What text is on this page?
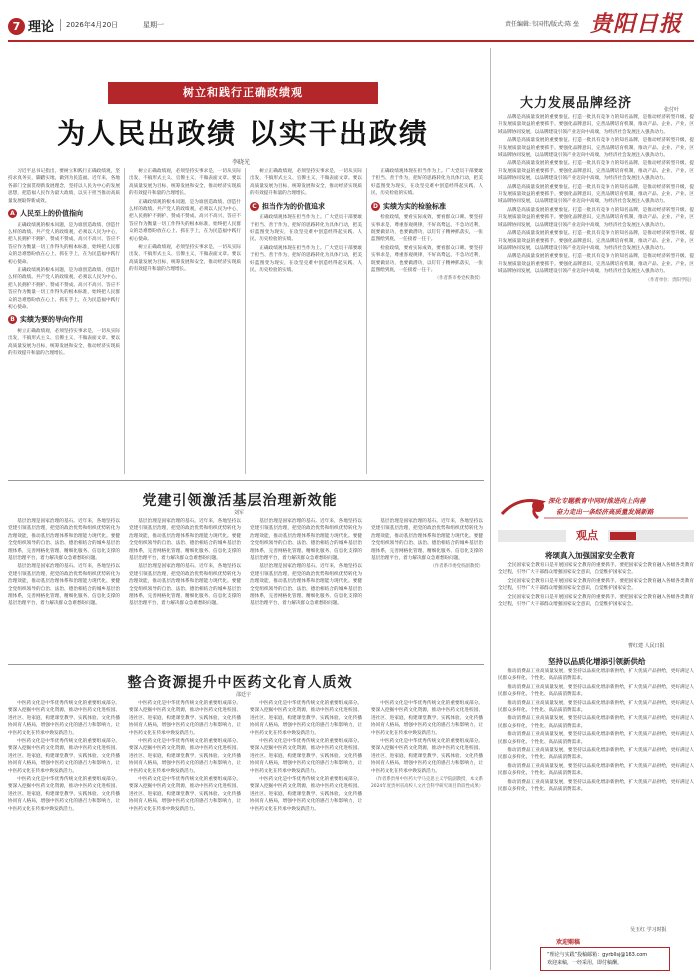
7 理论 2026年4月20日	星期一	责任编辑:韦国伟/版式:陈 垒 贵阳日报
树立和践行正确政绩观
为人民出政绩 以实干出政绩
李晓光

习近平总书记指出，要树立和践行正确政绩观，坚持求真务实，脚踏实地，做到为民造福。近年来，各地各部门全面贯彻新发展理念，坚持以人民为中心的发展思想，把造福人民作为最大政绩，以实干担当推动高质量发展取得新成效。

A 人民至上的价值指向

正确政绩观的根本问题，是为谁创造政绩、创造什么样的政绩。共产党人的政绩观，必须以人民为中心，把人民拥护不拥护、赞成不赞成、高兴不高兴、答应不答应作为衡量一切工作得失的根本标准，始终把人民群众的急难愁盼放在心上、抓在手上，在为民造福中践行初心使命。

正确政绩观的根本问题，是为谁创造政绩、创造什么样的政绩。共产党人的政绩观，必须以人民为中心，把人民拥护不拥护、赞成不赞成、高兴不高兴、答应不答应作为衡量一切工作得失的根本标准，始终把人民群众的急难愁盼放在心上、抓在手上，在为民造福中践行初心使命。

B 实绩为要的导向作用

树立正确政绩观，必须坚持实事求是，一切从实际出发，不搞形式主义、官僚主义，不做表面文章。要以高质量发展为目标，统筹发展和安全，推动经济实现质的有效提升和量的合理增长。

树立正确政绩观，必须坚持实事求是，一切从实际出发，不搞形式主义、官僚主义，不做表面文章。要以高质量发展为目标，统筹发展和安全，推动经济实现质的有效提升和量的合理增长。

正确政绩观的根本问题，是为谁创造政绩、创造什么样的政绩。共产党人的政绩观，必须以人民为中心，把人民拥护不拥护、赞成不赞成、高兴不高兴、答应不答应作为衡量一切工作得失的根本标准，始终把人民群众的急难愁盼放在心上、抓在手上，在为民造福中践行初心使命。

树立正确政绩观，必须坚持实事求是，一切从实际出发，不搞形式主义、官僚主义，不做表面文章。要以高质量发展为目标，统筹发展和安全，推动经济实现质的有效提升和量的合理增长。

树立正确政绩观，必须坚持实事求是，一切从实际出发，不搞形式主义、官僚主义，不做表面文章。要以高质量发展为目标，统筹发展和安全，推动经济实现质的有效提升和量的合理增长。

C 担当作为的价值追求

正确政绩观体现在担当作为上。广大党员干部要敢于担当、善于作为，把好的思路转化为具体行动，把美好蓝图变为现实，在攻坚克难中创造经得起实践、人民、历史检验的实绩。

正确政绩观体现在担当作为上。广大党员干部要敢于担当、善于作为，把好的思路转化为具体行动，把美好蓝图变为现实，在攻坚克难中创造经得起实践、人民、历史检验的实绩。

正确政绩观体现在担当作为上。广大党员干部要敢于担当、善于作为，把好的思路转化为具体行动，把美好蓝图变为现实，在攻坚克难中创造经得起实践、人民、历史检验的实绩。

D 实绩为实的检验标准

检验政绩，要看实际成效，要看群众口碑。要坚持实事求是，尊重客观规律，不好高骛远，不急功近利，既要做显功，也要做潜功，以钉钉子精神抓落实，一张蓝图绘到底，一任接着一任干。

检验政绩，要看实际成效，要看群众口碑。要坚持实事求是，尊重客观规律，不好高骛远，不急功近利，既要做显功，也要做潜功，以钉钉子精神抓落实，一张蓝图绘到底，一任接着一任干。

（作者系市委党校教授）
党建引领激活基层治理新效能
刘军

基层治理是国家治理的基石。近年来，各地坚持以党建引领基层治理，把党的政治优势和组织优势转化为治理效能，推动基层治理体系和治理能力现代化。要健全党组织领导的自治、法治、德治相结合的城乡基层治理体系，完善网格化管理、精细化服务、信息化支撑的基层治理平台，着力解决群众急难愁盼问题。

基层治理是国家治理的基石。近年来，各地坚持以党建引领基层治理，把党的政治优势和组织优势转化为治理效能，推动基层治理体系和治理能力现代化。要健全党组织领导的自治、法治、德治相结合的城乡基层治理体系，完善网格化管理、精细化服务、信息化支撑的基层治理平台，着力解决群众急难愁盼问题。

基层治理是国家治理的基石。近年来，各地坚持以党建引领基层治理，把党的政治优势和组织优势转化为治理效能，推动基层治理体系和治理能力现代化。要健全党组织领导的自治、法治、德治相结合的城乡基层治理体系，完善网格化管理、精细化服务、信息化支撑的基层治理平台，着力解决群众急难愁盼问题。

基层治理是国家治理的基石。近年来，各地坚持以党建引领基层治理，把党的政治优势和组织优势转化为治理效能，推动基层治理体系和治理能力现代化。要健全党组织领导的自治、法治、德治相结合的城乡基层治理体系，完善网格化管理、精细化服务、信息化支撑的基层治理平台，着力解决群众急难愁盼问题。

基层治理是国家治理的基石。近年来，各地坚持以党建引领基层治理，把党的政治优势和组织优势转化为治理效能，推动基层治理体系和治理能力现代化。要健全党组织领导的自治、法治、德治相结合的城乡基层治理体系，完善网格化管理、精细化服务、信息化支撑的基层治理平台，着力解决群众急难愁盼问题。

基层治理是国家治理的基石。近年来，各地坚持以党建引领基层治理，把党的政治优势和组织优势转化为治理效能，推动基层治理体系和治理能力现代化。要健全党组织领导的自治、法治、德治相结合的城乡基层治理体系，完善网格化管理、精细化服务、信息化支撑的基层治理平台，着力解决群众急难愁盼问题。

基层治理是国家治理的基石。近年来，各地坚持以党建引领基层治理，把党的政治优势和组织优势转化为治理效能，推动基层治理体系和治理能力现代化。要健全党组织领导的自治、法治、德治相结合的城乡基层治理体系，完善网格化管理、精细化服务、信息化支撑的基层治理平台，着力解决群众急难愁盼问题。

（作者系市委党校副教授）
整合资源提升中医药文化育人质效
邵廷宇

中医药文化是中华优秀传统文化的重要组成部分。要深入挖掘中医药文化资源，推动中医药文化进校园、进社区、进家庭，构建课堂教学、实践体验、文化传播协同育人格局，增强中医药文化的感召力和影响力，让中医药文化在传承中焕发新活力。

中医药文化是中华优秀传统文化的重要组成部分。要深入挖掘中医药文化资源，推动中医药文化进校园、进社区、进家庭，构建课堂教学、实践体验、文化传播协同育人格局，增强中医药文化的感召力和影响力，让中医药文化在传承中焕发新活力。

中医药文化是中华优秀传统文化的重要组成部分。要深入挖掘中医药文化资源，推动中医药文化进校园、进社区、进家庭，构建课堂教学、实践体验、文化传播协同育人格局，增强中医药文化的感召力和影响力，让中医药文化在传承中焕发新活力。

中医药文化是中华优秀传统文化的重要组成部分。要深入挖掘中医药文化资源，推动中医药文化进校园、进社区、进家庭，构建课堂教学、实践体验、文化传播协同育人格局，增强中医药文化的感召力和影响力，让中医药文化在传承中焕发新活力。

中医药文化是中华优秀传统文化的重要组成部分。要深入挖掘中医药文化资源，推动中医药文化进校园、进社区、进家庭，构建课堂教学、实践体验、文化传播协同育人格局，增强中医药文化的感召力和影响力，让中医药文化在传承中焕发新活力。

中医药文化是中华优秀传统文化的重要组成部分。要深入挖掘中医药文化资源，推动中医药文化进校园、进社区、进家庭，构建课堂教学、实践体验、文化传播协同育人格局，增强中医药文化的感召力和影响力，让中医药文化在传承中焕发新活力。

中医药文化是中华优秀传统文化的重要组成部分。要深入挖掘中医药文化资源，推动中医药文化进校园、进社区、进家庭，构建课堂教学、实践体验、文化传播协同育人格局，增强中医药文化的感召力和影响力，让中医药文化在传承中焕发新活力。

中医药文化是中华优秀传统文化的重要组成部分。要深入挖掘中医药文化资源，推动中医药文化进校园、进社区、进家庭，构建课堂教学、实践体验、文化传播协同育人格局，增强中医药文化的感召力和影响力，让中医药文化在传承中焕发新活力。

中医药文化是中华优秀传统文化的重要组成部分。要深入挖掘中医药文化资源，推动中医药文化进校园、进社区、进家庭，构建课堂教学、实践体验、文化传播协同育人格局，增强中医药文化的感召力和影响力，让中医药文化在传承中焕发新活力。

中医药文化是中华优秀传统文化的重要组成部分。要深入挖掘中医药文化资源，推动中医药文化进校园、进社区、进家庭，构建课堂教学、实践体验、文化传播协同育人格局，增强中医药文化的感召力和影响力，让中医药文化在传承中焕发新活力。

中医药文化是中华优秀传统文化的重要组成部分。要深入挖掘中医药文化资源，推动中医药文化进校园、进社区、进家庭，构建课堂教学、实践体验、文化传播协同育人格局，增强中医药文化的感召力和影响力，让中医药文化在传承中焕发新活力。

（作者系贵州中医药大学马克思主义学院副教授，本文系2024年度贵州省高校人文社会科学研究项目阶段性成果）
大力发展品牌经济	张付叶

品牌是高质量发展的重要象征。打造一批具有竞争力的知名品牌，是推动经济转型升级、提升发展质量效益的重要抓手。要强化品牌意识，完善品牌培育机制，推动产品、企业、产业、区域品牌协同发展，以品牌建设引领产业迈向中高端，为经济社会发展注入强劲动力。

品牌是高质量发展的重要象征。打造一批具有竞争力的知名品牌，是推动经济转型升级、提升发展质量效益的重要抓手。要强化品牌意识，完善品牌培育机制，推动产品、企业、产业、区域品牌协同发展，以品牌建设引领产业迈向中高端，为经济社会发展注入强劲动力。

品牌是高质量发展的重要象征。打造一批具有竞争力的知名品牌，是推动经济转型升级、提升发展质量效益的重要抓手。要强化品牌意识，完善品牌培育机制，推动产品、企业、产业、区域品牌协同发展，以品牌建设引领产业迈向中高端，为经济社会发展注入强劲动力。

品牌是高质量发展的重要象征。打造一批具有竞争力的知名品牌，是推动经济转型升级、提升发展质量效益的重要抓手。要强化品牌意识，完善品牌培育机制，推动产品、企业、产业、区域品牌协同发展，以品牌建设引领产业迈向中高端，为经济社会发展注入强劲动力。

品牌是高质量发展的重要象征。打造一批具有竞争力的知名品牌，是推动经济转型升级、提升发展质量效益的重要抓手。要强化品牌意识，完善品牌培育机制，推动产品、企业、产业、区域品牌协同发展，以品牌建设引领产业迈向中高端，为经济社会发展注入强劲动力。

品牌是高质量发展的重要象征。打造一批具有竞争力的知名品牌，是推动经济转型升级、提升发展质量效益的重要抓手。要强化品牌意识，完善品牌培育机制，推动产品、企业、产业、区域品牌协同发展，以品牌建设引领产业迈向中高端，为经济社会发展注入强劲动力。

品牌是高质量发展的重要象征。打造一批具有竞争力的知名品牌，是推动经济转型升级、提升发展质量效益的重要抓手。要强化品牌意识，完善品牌培育机制，推动产品、企业、产业、区域品牌协同发展，以品牌建设引领产业迈向中高端，为经济社会发展注入强劲动力。

（作者单位：贵阳学院）
深化专题教育中同时推进向上向善
奋力走出一条经济高质量发展新路
观点
将颂真入加强国家安全教育

全民国家安全教育日是开展国家安全教育的重要抓手。要把国家安全教育融入各级各类教育全过程，引导广大干部群众增强国家安全意识，自觉维护国家安全。

全民国家安全教育日是开展国家安全教育的重要抓手。要把国家安全教育融入各级各类教育全过程，引导广大干部群众增强国家安全意识，自觉维护国家安全。

全民国家安全教育日是开展国家安全教育的重要抓手。要把国家安全教育融入各级各类教育全过程，引导广大干部群众增强国家安全意识，自觉维护国家安全。

曹红建 人民日报
坚持以品质化增添引领新供给

推动消费品工业高质量发展，要坚持以品质化增添新供给，扩大优质产品供给，更好满足人民群众多样化、个性化、高品质消费需求。

推动消费品工业高质量发展，要坚持以品质化增添新供给，扩大优质产品供给，更好满足人民群众多样化、个性化、高品质消费需求。

推动消费品工业高质量发展，要坚持以品质化增添新供给，扩大优质产品供给，更好满足人民群众多样化、个性化、高品质消费需求。

推动消费品工业高质量发展，要坚持以品质化增添新供给，扩大优质产品供给，更好满足人民群众多样化、个性化、高品质消费需求。

推动消费品工业高质量发展，要坚持以品质化增添新供给，扩大优质产品供给，更好满足人民群众多样化、个性化、高品质消费需求。

推动消费品工业高质量发展，要坚持以品质化增添新供给，扩大优质产品供给，更好满足人民群众多样化、个性化、高品质消费需求。

推动消费品工业高质量发展，要坚持以品质化增添新供给，扩大优质产品供给，更好满足人民群众多样化、个性化、高品质消费需求。

推动消费品工业高质量发展，要坚持以品质化增添新供给，扩大优质产品供给，更好满足人民群众多样化、个性化、高品质消费需求。

吴玉红 学习时报
欢迎赐稿
“理论与实践”投稿邮箱：gyrbllsj@163.com
欢迎来稿，一经采用，即付稿酬。
